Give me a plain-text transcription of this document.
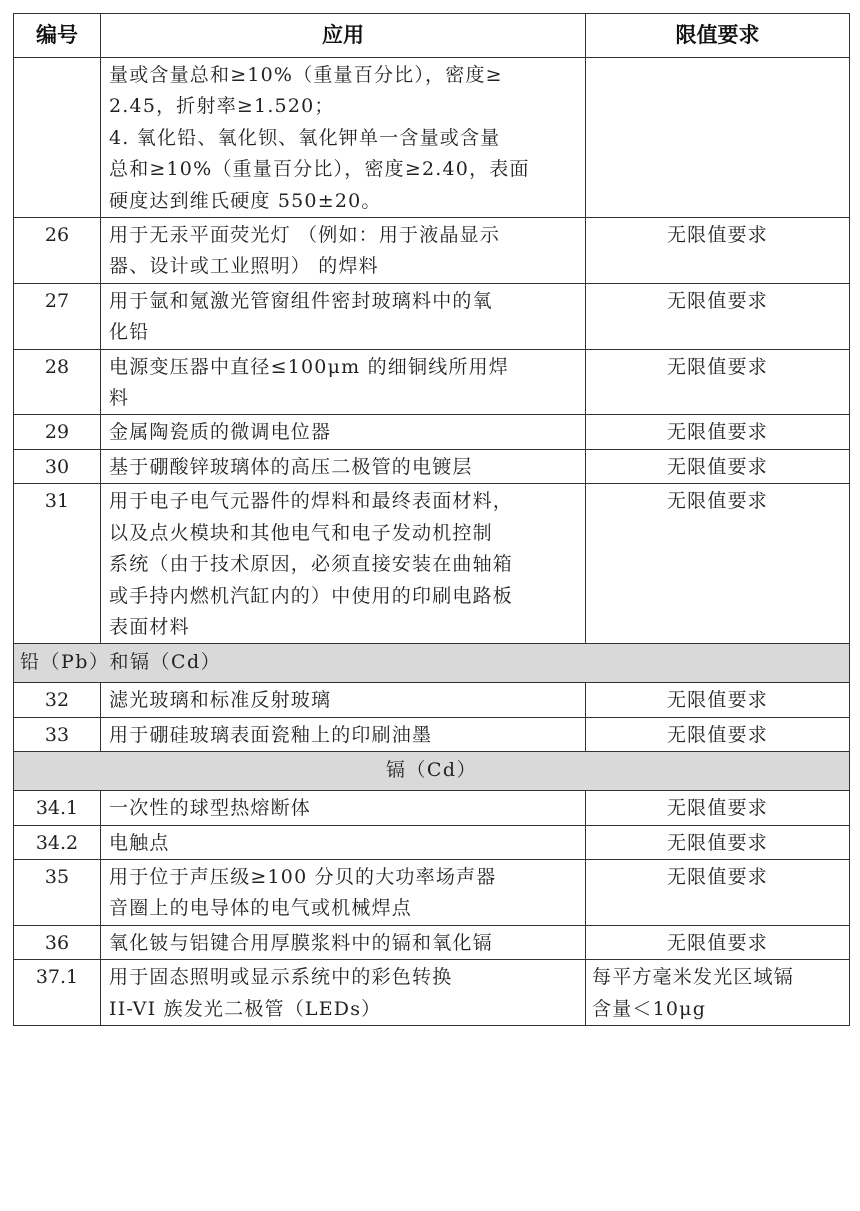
编号	应用	限值要求

	量或含量总和≥10%（重量百分比），密度≥
2.45，折射率≥1.520；
4. 氧化铅、氧化钡、氧化钾单一含量或含量
总和≥10%（重量百分比），密度≥2.40，表面
硬度达到维氏硬度 550±20。	

26	用于无汞平面荧光灯 （例如：用于液晶显示
器、设计或工业照明） 的焊料	无限值要求
27	用于氩和氪激光管窗组件密封玻璃料中的氧
化铅	无限值要求
28	电源变压器中直径≤100μm 的细铜线所用焊
料	无限值要求
29	金属陶瓷质的微调电位器	无限值要求
30	基于硼酸锌玻璃体的高压二极管的电镀层	无限值要求
31	用于电子电气元器件的焊料和最终表面材料，
以及点火模块和其他电气和电子发动机控制
系统（由于技术原因，必须直接安装在曲轴箱
或手持内燃机汽缸内的）中使用的印刷电路板
表面材料	无限值要求
铅（Pb）和镉（Cd）		
32	滤光玻璃和标准反射玻璃	无限值要求
33	用于硼硅玻璃表面瓷釉上的印刷油墨	无限值要求
镉（Cd）		
34.1	一次性的球型热熔断体	无限值要求
34.2	电触点	无限值要求
35	用于位于声压级≥100 分贝的大功率场声器
音圈上的电导体的电气或机械焊点	无限值要求
36	氧化铍与铝键合用厚膜浆料中的镉和氧化镉	无限值要求
37.1	用于固态照明或显示系统中的彩色转换
II-VI 族发光二极管（LEDs）	每平方毫米发光区域镉
含量＜10μg
